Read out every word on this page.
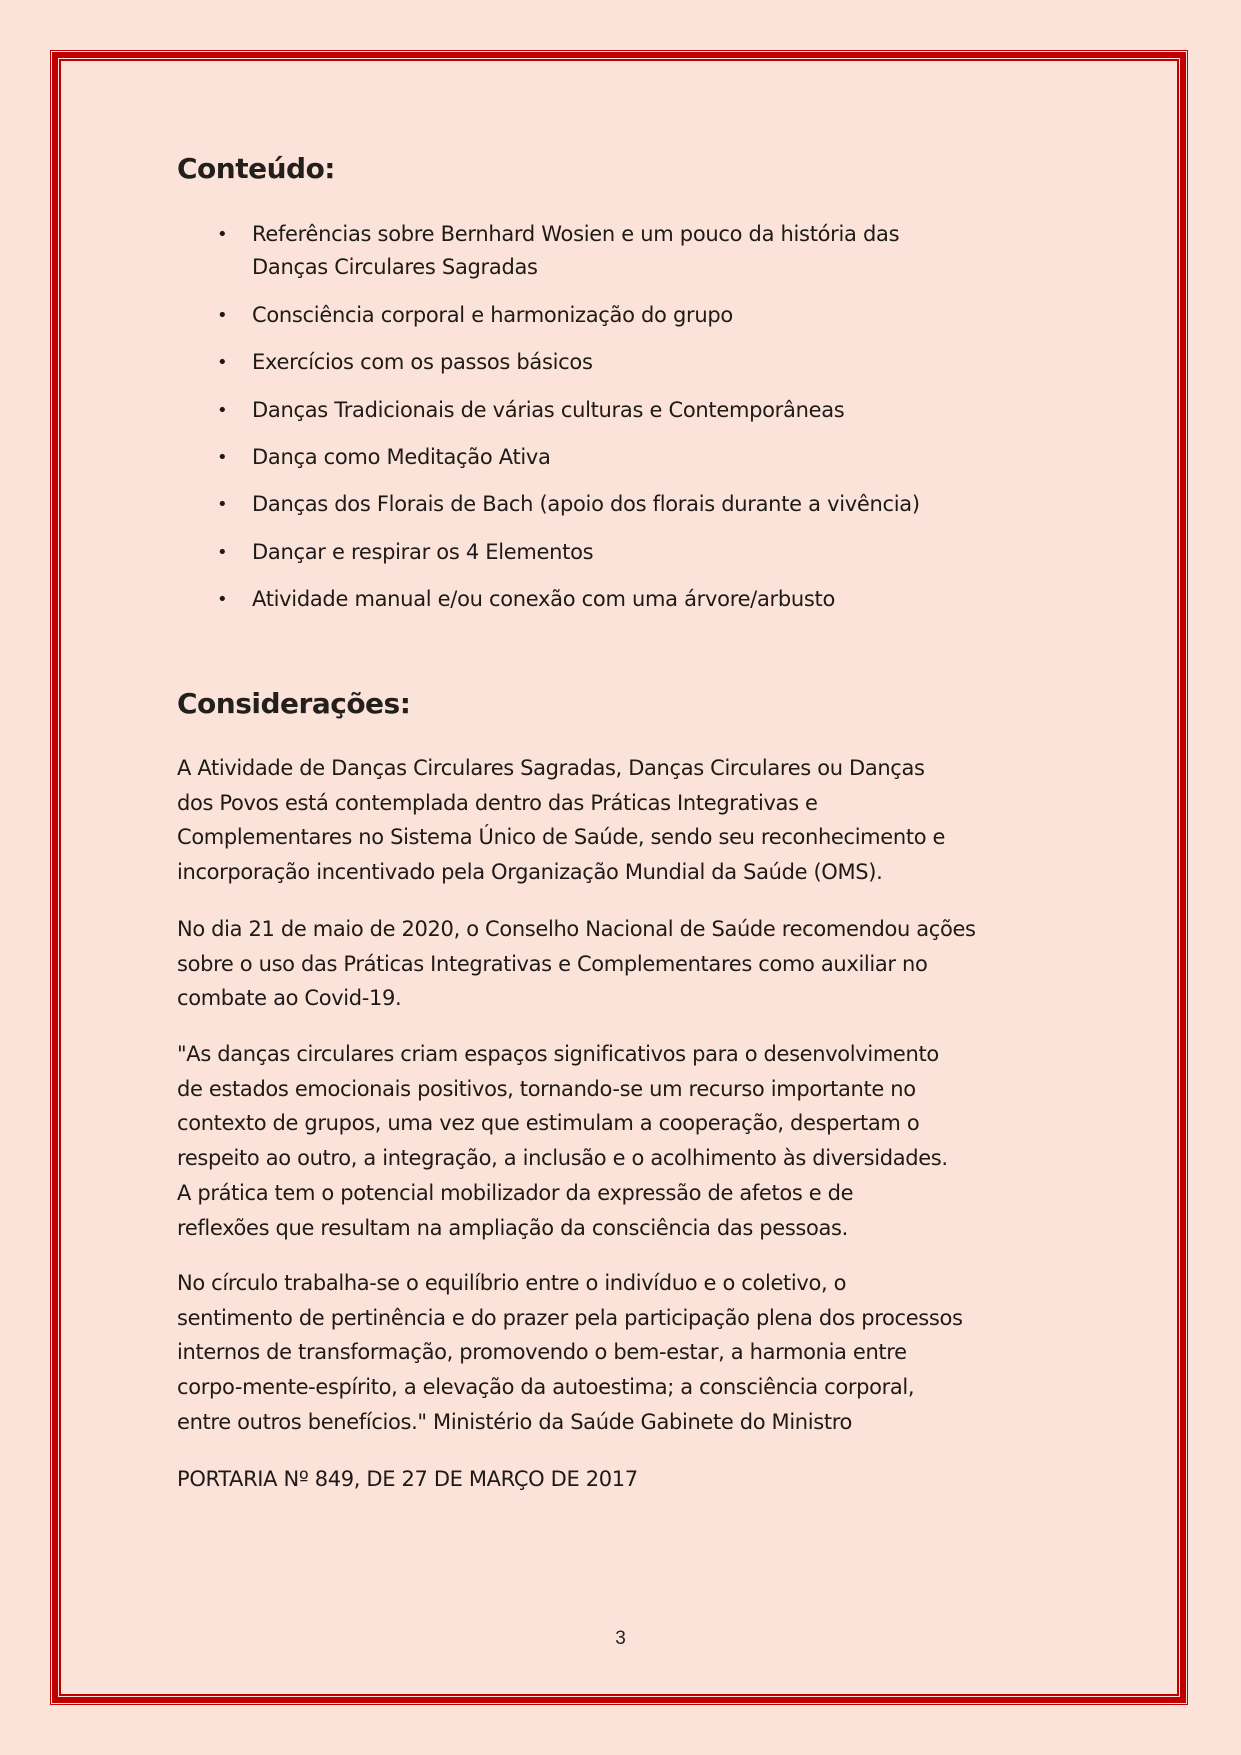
Conteúdo:
• Referências sobre Bernhard Wosien e um pouco da história das
Danças Circulares Sagradas
• Consciência corporal e harmonização do grupo
• Exercícios com os passos básicos
• Danças Tradicionais de várias culturas e Contemporâneas
• Dança como Meditação Ativa
• Danças dos Florais de Bach (apoio dos florais durante a vivência)
• Dançar e respirar os 4 Elementos
• Atividade manual e/ou conexão com uma árvore/arbusto
Considerações:

A Atividade de Danças Circulares Sagradas, Danças Circulares ou Danças
dos Povos está contemplada dentro das Práticas Integrativas e
Complementares no Sistema Único de Saúde, sendo seu reconhecimento e
incorporação incentivado pela Organização Mundial da Saúde (OMS).

No dia 21 de maio de 2020, o Conselho Nacional de Saúde recomendou ações
sobre o uso das Práticas Integrativas e Complementares como auxiliar no
combate ao Covid-19.

"As danças circulares criam espaços significativos para o desenvolvimento
de estados emocionais positivos, tornando-se um recurso importante no
contexto de grupos, uma vez que estimulam a cooperação, despertam o
respeito ao outro, a integração, a inclusão e o acolhimento às diversidades.
A prática tem o potencial mobilizador da expressão de afetos e de
reflexões que resultam na ampliação da consciência das pessoas.

No círculo trabalha-se o equilíbrio entre o indivíduo e o coletivo, o
sentimento de pertinência e do prazer pela participação plena dos processos
internos de transformação, promovendo o bem-estar, a harmonia entre
corpo-mente-espírito, a elevação da autoestima; a consciência corporal,
entre outros benefícios." Ministério da Saúde Gabinete do Ministro

PORTARIA Nº 849, DE 27 DE MARÇO DE 2017

3
